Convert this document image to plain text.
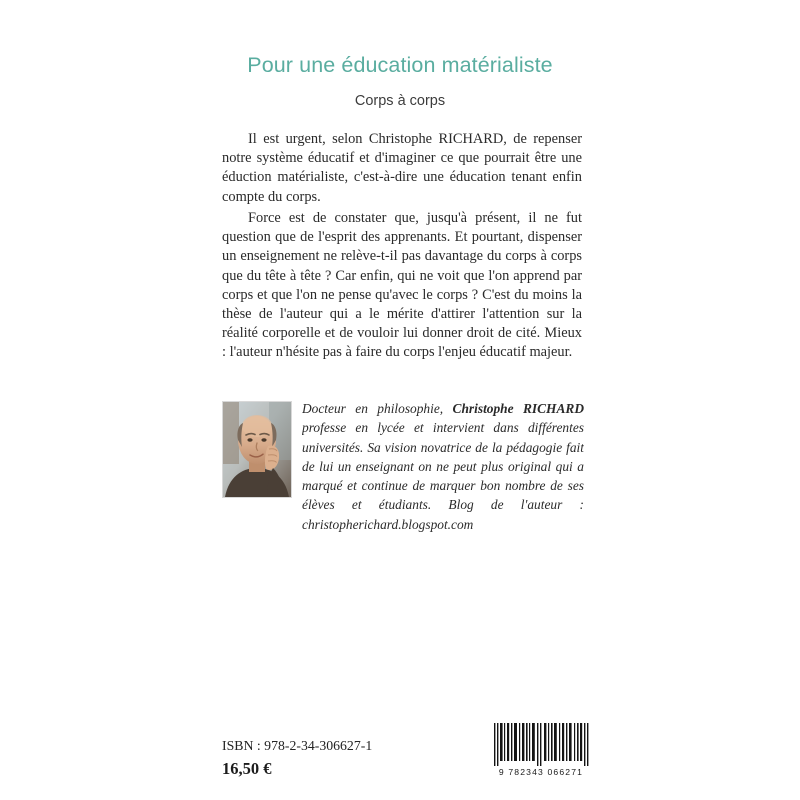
Pour une éducation matérialiste
Corps à corps

Il est urgent, selon Christophe RICHARD, de repenser notre système éducatif et d'imaginer ce que pourrait être une éduction matérialiste, c'est-à-dire une éducation tenant enfin compte du corps.

Force est de constater que, jusqu'à présent, il ne fut question que de l'esprit des apprenants. Et pourtant, dispenser un enseignement ne relève-t-il pas davantage du corps à corps que du tête à tête ? Car enfin, qui ne voit que l'on apprend par corps et que l'on ne pense qu'avec le corps ? C'est du moins la thèse de l'auteur qui a le mérite d'attirer l'attention sur la réalité corporelle et de vouloir lui donner droit de cité. Mieux : l'auteur n'hésite pas à faire du corps l'enjeu éducatif majeur.

Docteur en philosophie, Christophe RICHARD professe en lycée et intervient dans différentes universités. Sa vision novatrice de la pédagogie fait de lui un enseignant on ne peut plus original qui a marqué et continue de marquer bon nombre de ses élèves et étudiants. Blog de l'auteur : christopherichard.blogspot.com

ISBN : 978-2-34-306627-1
16,50 €	9 782343 066271
